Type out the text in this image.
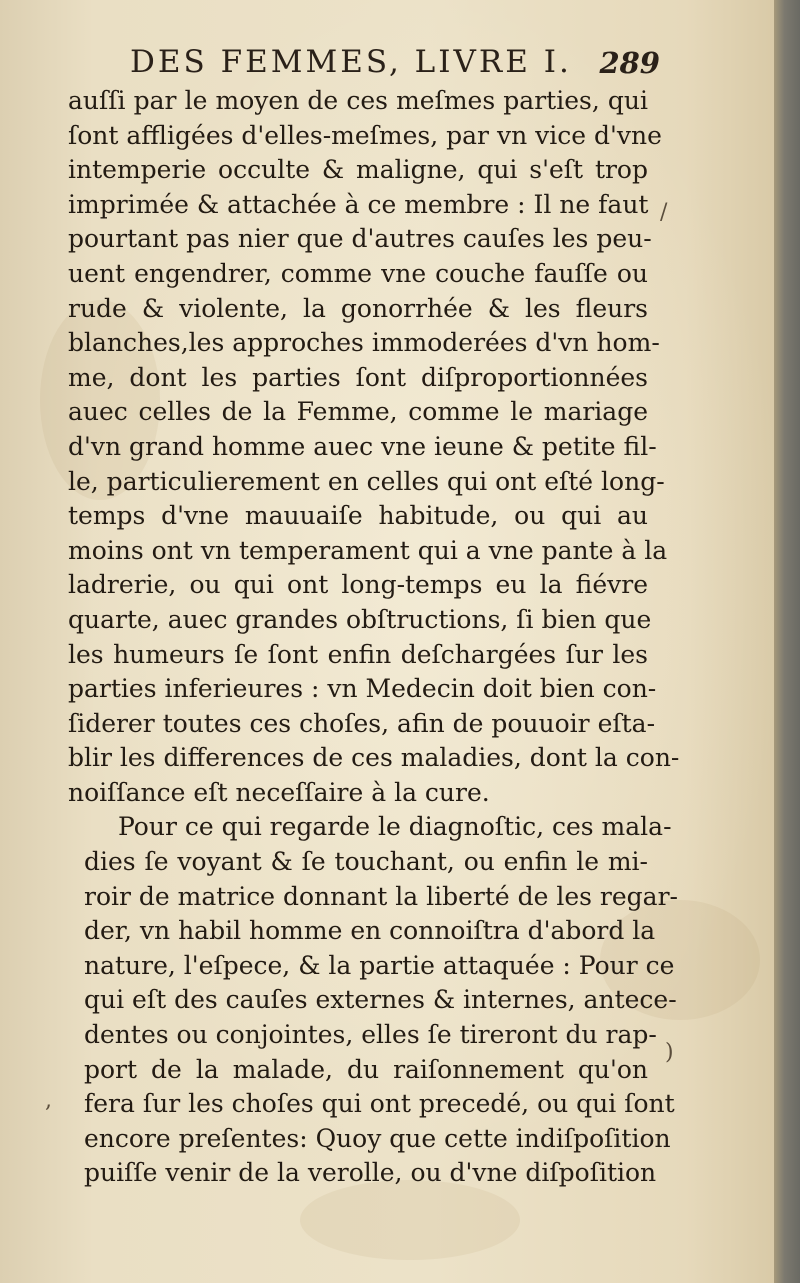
DES FEMMES, LIVRE I. 289
auſſi par le moyen de ces meſmes parties, qui
ſont affligées d'elles-meſmes, par vn vice d'vne
intemperie occulte & maligne, qui s'eſt trop
imprimée & attachée à ce membre : Il ne faut
pourtant pas nier que d'autres cauſes les peu-
uent engendrer, comme vne couche fauſſe ou
rude & violente, la gonorrhée & les fleurs
blanches,les approches immoderées d'vn hom-
me, dont les parties ſont diſproportionnées
auec celles de la Femme, comme le mariage
d'vn grand homme auec vne ieune & petite fil-
le, particulierement en celles qui ont eſté long-
temps d'vne mauuaiſe habitude, ou qui au
moins ont vn temperament qui a vne pante à la
ladrerie, ou qui ont long-temps eu la fiévre
quarte, auec grandes obſtructions, ſi bien que
les humeurs ſe ſont enfin deſchargées ſur les
parties inferieures : vn Medecin doit bien con-
ſiderer toutes ces choſes, afin de pouuoir eſta-
blir les differences de ces maladies, dont la con-
noiſſance eſt neceſſaire à la cure.
Pour ce qui regarde le diagnoſtic, ces mala-
dies ſe voyant & ſe touchant, ou enfin le mi-
roir de matrice donnant la liberté de les regar-
der, vn habil homme en connoiſtra d'abord la
nature, l'eſpece, & la partie attaquée : Pour ce
qui eſt des cauſes externes & internes, antece-
dentes ou conjointes, elles ſe tireront du rap-
port de la malade, du raiſonnement qu'on
fera ſur les choſes qui ont precedé, ou qui ſont
encore preſentes: Quoy que cette indiſpoſition
puiſſe venir de la verolle, ou d'vne diſpoſition
/
,
)
